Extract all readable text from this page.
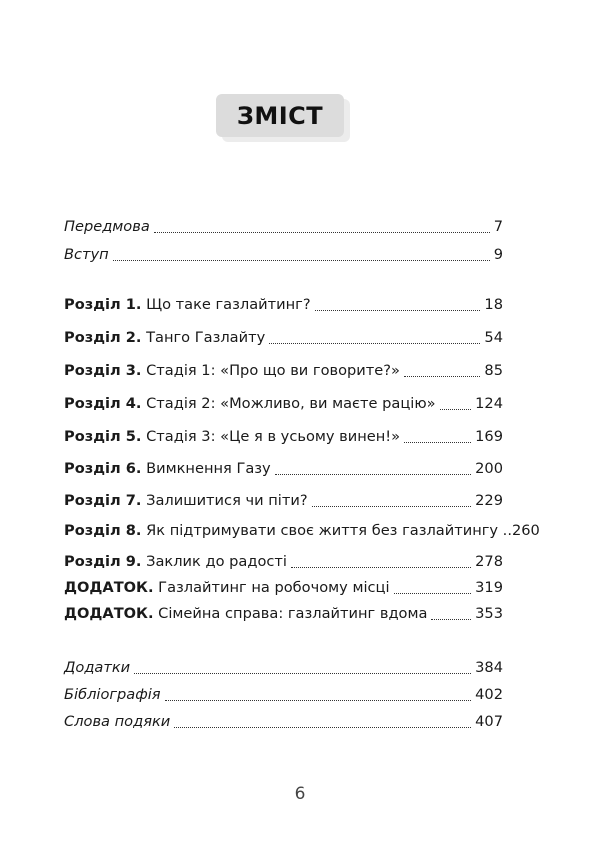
ЗМІСТ
Передмова	7
Вступ	9
Розділ 1. Що таке газлайтинг?	18
Розділ 2. Танго Газлайту	54
Розділ 3. Стадія 1: «Про що ви говорите?»	85
Розділ 4. Стадія 2: «Можливо, ви маєте рацію»	124
Розділ 5. Стадія 3: «Це я в усьому винен!»	169
Розділ 6. Вимкнення Газу	200
Розділ 7. Залишитися чи піти?	229
Розділ 8. Як підтримувати своє життя без газлайтингу .. 260
Розділ 9. Заклик до радості	278
ДОДАТОК. Газлайтинг на робочому місці	319
ДОДАТОК. Сімейна справа: газлайтинг вдома	353
Додатки	384
Бібліографія	402
Слова подяки	407
6
